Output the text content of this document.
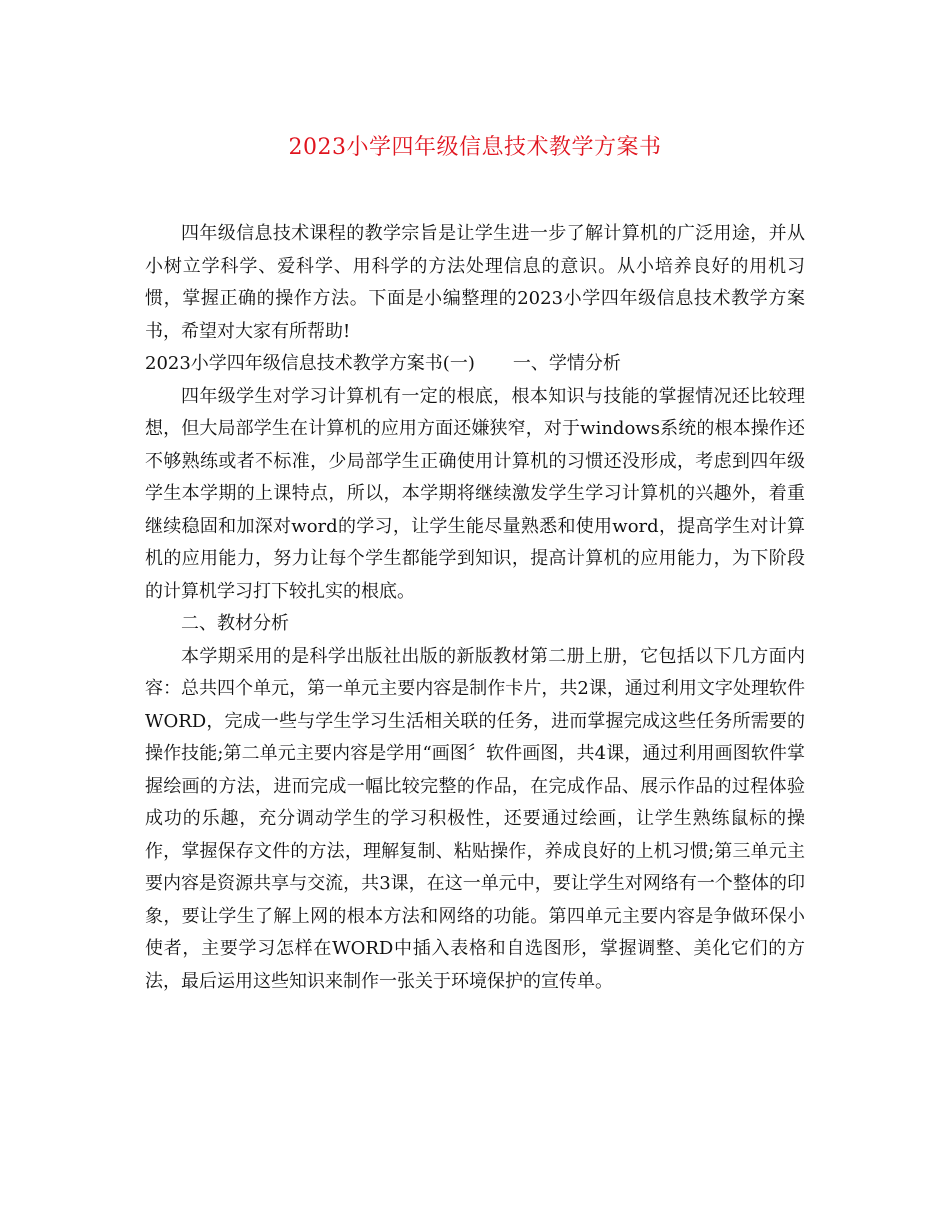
2023小学四年级信息技术教学方案书

四年级信息技术课程的教学宗旨是让学生进一步了解计算机的广泛用途，并从小树立学科学、爱科学、用科学的方法处理信息的意识。从小培养良好的用机习惯，掌握正确的操作方法。下面是小编整理的2023小学四年级信息技术教学方案书，希望对大家有所帮助!

2023小学四年级信息技术教学方案书(一) 一、学情分析

四年级学生对学习计算机有一定的根底，根本知识与技能的掌握情况还比较理想，但大局部学生在计算机的应用方面还嫌狭窄，对于windows系统的根本操作还不够熟练或者不标准，少局部学生正确使用计算机的习惯还没形成，考虑到四年级学生本学期的上课特点，所以，本学期将继续激发学生学习计算机的兴趣外，着重继续稳固和加深对word的学习，让学生能尽量熟悉和使用word，提高学生对计算机的应用能力，努力让每个学生都能学到知识，提高计算机的应用能力，为下阶段的计算机学习打下较扎实的根底。

二、教材分析

本学期采用的是科学出版社出版的新版教材第二册上册，它包括以下几方面内容：总共四个单元，第一单元主要内容是制作卡片，共2课，通过利用文字处理软件WORD，完成一些与学生学习生活相关联的任务，进而掌握完成这些任务所需要的操作技能;第二单元主要内容是学用“画图〞软件画图，共4课，通过利用画图软件掌握绘画的方法，进而完成一幅比较完整的作品，在完成作品、展示作品的过程体验成功的乐趣，充分调动学生的学习积极性，还要通过绘画，让学生熟练鼠标的操作，掌握保存文件的方法，理解复制、粘贴操作，养成良好的上机习惯;第三单元主要内容是资源共享与交流，共3课，在这一单元中，要让学生对网络有一个整体的印象，要让学生了解上网的根本方法和网络的功能。第四单元主要内容是争做环保小使者，主要学习怎样在WORD中插入表格和自选图形，掌握调整、美化它们的方法，最后运用这些知识来制作一张关于环境保护的宣传单。
